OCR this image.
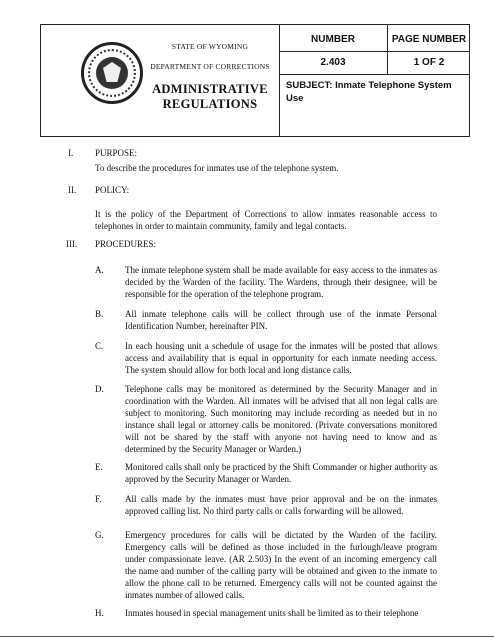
STATE OF WYOMING
DEPARTMENT OF CORRECTIONS
ADMINISTRATIVE
REGULATIONS
NUMBER	PAGE NUMBER
2.403	1 OF 2
SUBJECT: Inmate Telephone System Use
I. PURPOSE:
To describe the procedures for inmates use of the telephone system.
II. POLICY:
It is the policy of the Department of Corrections to allow inmates reasonable access to telephones in order to maintain community, family and legal contacts.
III. PROCEDURES:
A. The inmate telephone system shall be made available for easy access to the inmates as decided by the Warden of the facility. The Wardens, through their designee, will be responsible for the operation of the telephone program.
B. All inmate telephone calls will be collect through use of the inmate Personal Identification Number, hereinafter PIN.
C. In each housing unit a schedule of usage for the inmates will be posted that allows access and availability that is equal in opportunity for each inmate needing access. The system should allow for both local and long distance calls.
D. Telephone calls may be monitored as determined by the Security Manager and in coordination with the Warden. All inmates will be advised that all non legal calls are subject to monitoring. Such monitoring may include recording as needed but in no instance shall legal or attorney calls be monitored. (Private conversations monitored will not be shared by the staff with anyone not having need to know and as determined by the Security Manager or Warden.)
E. Monitored calls shall only be practiced by the Shift Commander or higher authority as approved by the Security Manager or Warden.
F.	All calls made by the inmates must have prior approval and be on the inmates approved calling list. No third party calls or calls forwarding will be allowed.
G. Emergency procedures for calls will be dictated by the Warden of the facility. Emergency calls will be defined as those included in the furlough/leave program under compassionate leave. (AR 2.503) In the event of an incoming emergency call the name and number of the calling party will be obtained and given to the inmate to allow the phone call to be returned. Emergency calls will not be counted against the inmates number of allowed calls.
H. Inmates housed in special management units shall be limited as to their telephone
